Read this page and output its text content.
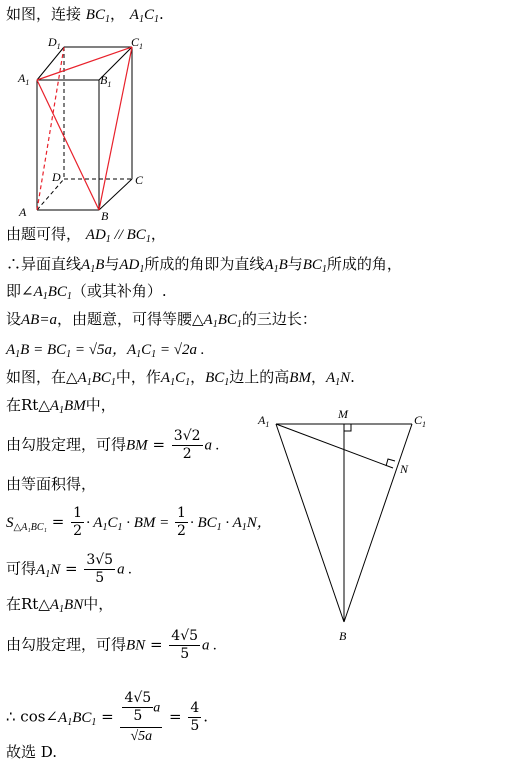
如图，连接 $BC_1$， $A_1C_1$.
$D_1$	$C_1$
$A_1$	$B_1$
D	C
A	B
由题可得， $AD_1 // BC_1$，
∴异面直线$A_1B$与$AD_1$所成的角即为直线$A_1B$与$BC_1$所成的角，
即$\angle A_1BC_1$（或其补角）.
设AB=a，由题意，可得等腰$\triangle A_1BC_1$的三边长：
$A_1B = BC_1 = √5a$，$A_1C_1 = √2a$ .
如图，在$\triangle A_1BC_1$中，作$A_1C_1$，$BC_1$边上的高BM，$A_1N$.
在$Rt\triangle A_1BM$中，
由勾股定理，可得BM = $\frac{3√2}{2}$ a .
由等面积得，
$S_{\triangle A_1BC_1} = \frac{1}{2} \cdot A_1C_1$ · BM = $\frac{1}{2} \cdot BC_1 \cdot A_1N$，
可得$A_1N = \frac{3√5}{5}$ a .
在$Rt\triangle A_1BN$中，
由勾股定理，可得BN = $\frac{4√5}{5}$ a .
∴ $\cos\angle A_1BC_1 = \frac{\frac{4√5}{5} a}{√5a} = \frac{4}{5}$ .
故选 D.
$A_1$
M	$C_1$
N
B
